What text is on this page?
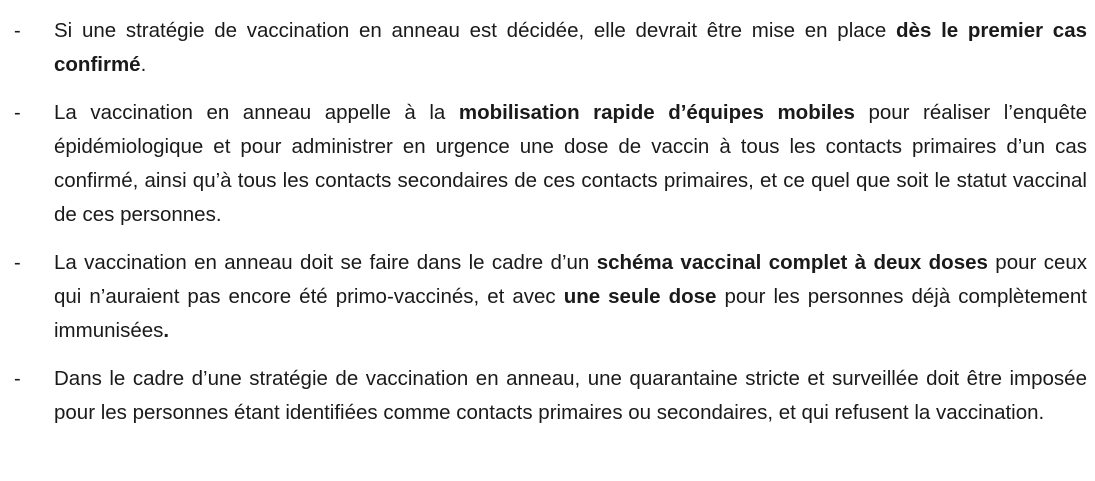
-	Si une stratégie de vaccination en anneau est décidée, elle devrait être mise en place dès le premier cas confirmé.

-	La vaccination en anneau appelle à la mobilisation rapide d’équipes mobiles pour réaliser l’enquête épidémiologique et pour administrer en urgence une dose de vaccin à tous les contacts primaires d’un cas confirmé, ainsi qu’à tous les contacts secondaires de ces contacts primaires, et ce quel que soit le statut vaccinal de ces personnes.

-	La vaccination en anneau doit se faire dans le cadre d’un schéma vaccinal complet à deux doses pour ceux qui n’auraient pas encore été primo-vaccinés, et avec une seule dose pour les personnes déjà complètement immunisées.

-	Dans le cadre d’une stratégie de vaccination en anneau, une quarantaine stricte et surveillée doit être imposée pour les personnes étant identifiées comme contacts primaires ou secondaires, et qui refusent la vaccination.
